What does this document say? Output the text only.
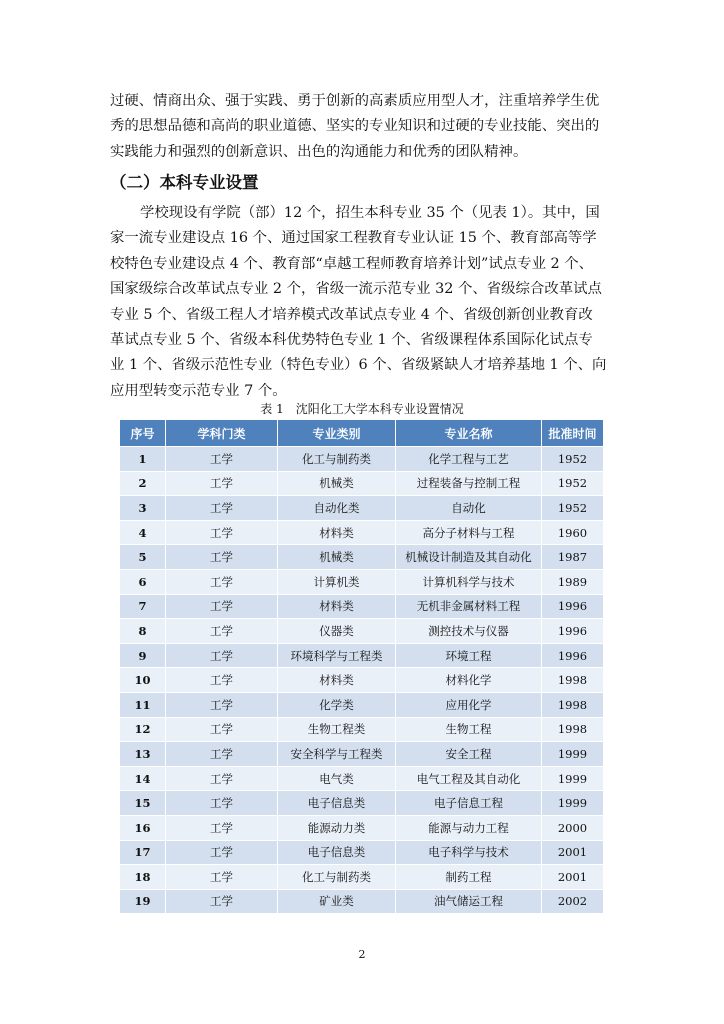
过硬、情商出众、强于实践、勇于创新的高素质应用型人才，注重培养学生优
秀的思想品德和高尚的职业道德、坚实的专业知识和过硬的专业技能、突出的
实践能力和强烈的创新意识、出色的沟通能力和优秀的团队精神。
（二）本科专业设置
学校现设有学院（部）12 个，招生本科专业 35 个（见表 1）。其中，国
家一流专业建设点 16 个、通过国家工程教育专业认证 15 个、教育部高等学
校特色专业建设点 4 个、教育部“卓越工程师教育培养计划”试点专业 2 个、
国家级综合改革试点专业 2 个，省级一流示范专业 32 个、省级综合改革试点
专业 5 个、省级工程人才培养模式改革试点专业 4 个、省级创新创业教育改
革试点专业 5 个、省级本科优势特色专业 1 个、省级课程体系国际化试点专
业 1 个、省级示范性专业（特色专业）6 个、省级紧缺人才培养基地 1 个、向
应用型转变示范专业 7 个。

表 1　沈阳化工大学本科专业设置情况

序号	学科门类	专业类别	专业名称	批准时间
1	工学	化工与制药类	化学工程与工艺	1952
2	工学	机械类	过程装备与控制工程	1952
3	工学	自动化类	自动化	1952
4	工学	材料类	高分子材料与工程	1960
5	工学	机械类	机械设计制造及其自动化	1987
6	工学	计算机类	计算机科学与技术	1989
7	工学	材料类	无机非金属材料工程	1996
8	工学	仪器类	测控技术与仪器	1996
9	工学	环境科学与工程类	环境工程	1996
10	工学	材料类	材料化学	1998
11	工学	化学类	应用化学	1998
12	工学	生物工程类	生物工程	1998
13	工学	安全科学与工程类	安全工程	1999
14	工学	电气类	电气工程及其自动化	1999
15	工学	电子信息类	电子信息工程	1999
16	工学	能源动力类	能源与动力工程	2000
17	工学	电子信息类	电子科学与技术	2001
18	工学	化工与制药类	制药工程	2001
19	工学	矿业类	油气储运工程	2002

2
